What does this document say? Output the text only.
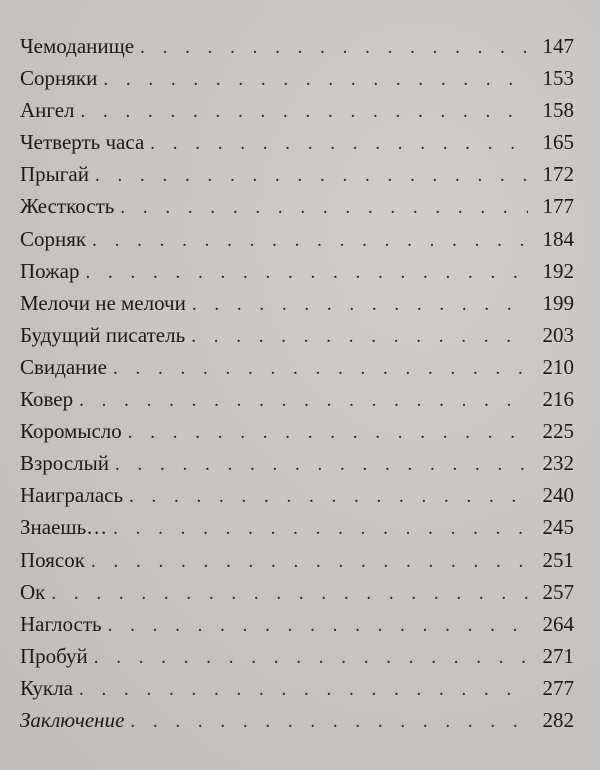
Чемоданище . . .	147
Сорняки . . .	153
Ангел . . .	158
Четверть часа . . .	165
Прыгай . . .	172
Жесткость . . .	177
Сорняк . . .	184
Пожар . . .	192
Мелочи не мелочи . . .	199
Будущий писатель . . .	203
Свидание . . .	210
Ковер . . .	216
Коромысло . . .	225
Взрослый . . .	232
Наигралась . . .	240
Знаешь… . . .	245
Поясок . . .	251
Ок . . .	257
Наглость . . .	264
Пробуй . . .	271
Кукла . . .	277
Заключение . . .	282
